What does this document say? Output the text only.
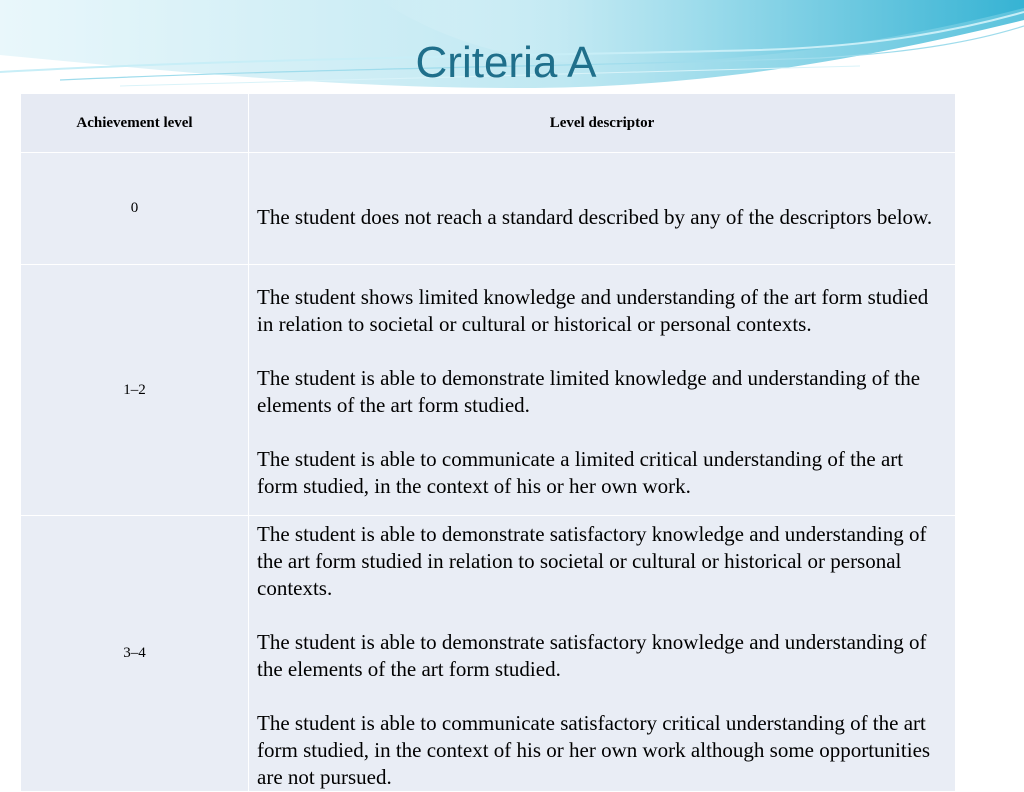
Criteria A
Achievement level	Level descriptor
0	The student does not reach a standard described by any of the descriptors below.

1–2	The student shows limited knowledge and understanding of the art form studied in relation to societal or cultural or historical or personal contexts.

The student is able to demonstrate limited knowledge and understanding of the elements of the art form studied.

The student is able to communicate a limited critical understanding of the art form studied, in the context of his or her own work.

3–4	The student is able to demonstrate satisfactory knowledge and understanding of the art form studied in relation to societal or cultural or historical or personal contexts.

The student is able to demonstrate satisfactory knowledge and understanding of the elements of the art form studied.

The student is able to communicate satisfactory critical understanding of the art form studied, in the context of his or her own work although some opportunities are not pursued.
